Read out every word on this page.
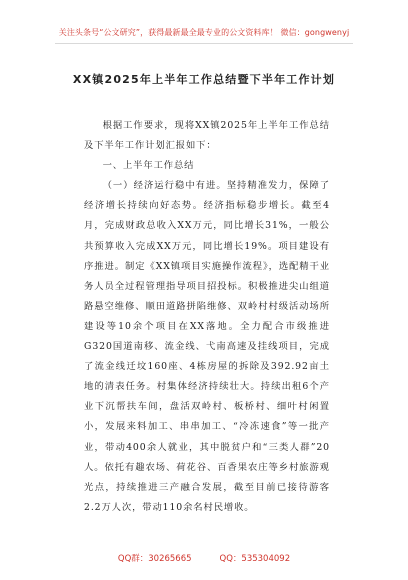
关注头条号“公文研究”，获得最新最全最专业的公文资料库！ 微信：gongwenyj
XX镇2025年上半年工作总结暨下半年工作计划

根据工作要求，现将XX镇2025年上半年工作总结及下半年工作计划汇报如下：

一、上半年工作总结

（一）经济运行稳中有进。坚持精准发力，保障了经济增长持续向好态势。经济指标稳步增长。截至4月，完成财政总收入XX万元，同比增长31%，一般公共预算收入完成XX万元，同比增长19%。项目建设有序推进。制定《XX镇项目实施操作流程》，选配精干业务人员全过程管理指导项目招投标。积极推进尖山组道路悬空维修、顺田道路拼陷维修、双岭村村级活动场所建设等10余个项目在XX落地。全力配合市级推进G320国道南移、流金线、弋南高速及挂线项目，完成了流金线迁坟160座、4栋房屋的拆除及392.92亩土地的清表任务。村集体经济持续壮大。持续出租6个产业下沉帮扶车间，盘活双岭村、板桥村、细叶村闲置小，发展来料加工、串串加工、“冷冻速食”等一批产业，带动400余人就业，其中脱贫户和“三类人群”20人。依托有趣农场、荷花谷、百香果农庄等乡村旅游观光点，持续推进三产融合发展，截至目前已接待游客2.2万人次，带动110余名村民增收。

QQ群：30265665	QQ：535304092
